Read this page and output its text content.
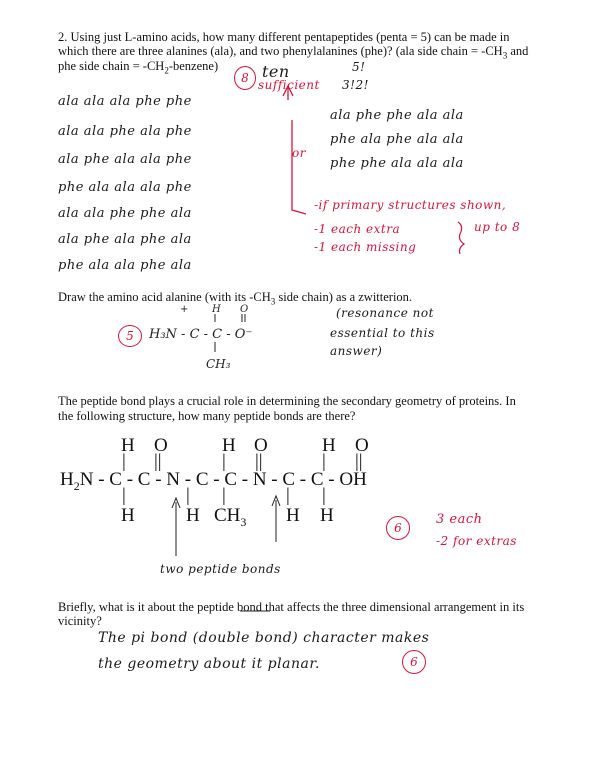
2. Using just L-amino acids, how many different pentapeptides (penta = 5) can be made in
which there are three alanines (ala), and two phenylalanines (phe)? (ala side chain = $-CH_3$ and
phe side chain = $-CH_2-benzene$)
8 ten
sufficient
5!
3!2!
ala ala ala phe phe
ala ala phe ala phe
ala phe ala ala phe
phe ala ala ala phe
ala ala phe phe ala
ala phe ala phe ala
phe ala ala phe ala
or
ala phe phe ala ala
phe ala phe ala ala
phe phe ala ala ala
-if primary structures shown,
-1 each extra
-1 each missing
up to 8
Draw the amino acid alanine (with its $-CH_3$ side chain) as a zwitterion.
5
(resonance not
essential to this
answer)
The peptide bond plays a crucial role in determining the secondary geometry of proteins. In
the following structure, how many peptide bonds are there?
H O	H O	H O
| ||	| ||	| ||
$H_2N$ - C - C - N - C - C - N - C - C - OH
|	| |	| |
H	H $CH_3$ H H
6
3 each
-2 for extras
two peptide bonds
Briefly, what is it about the peptide bond that affects the three dimensional arrangement in its
vicinity?
The pi bond (double bond) character makes
the geometry about it planar.	6
H₃N - C - C - O⁻
+ H O
CH₃
